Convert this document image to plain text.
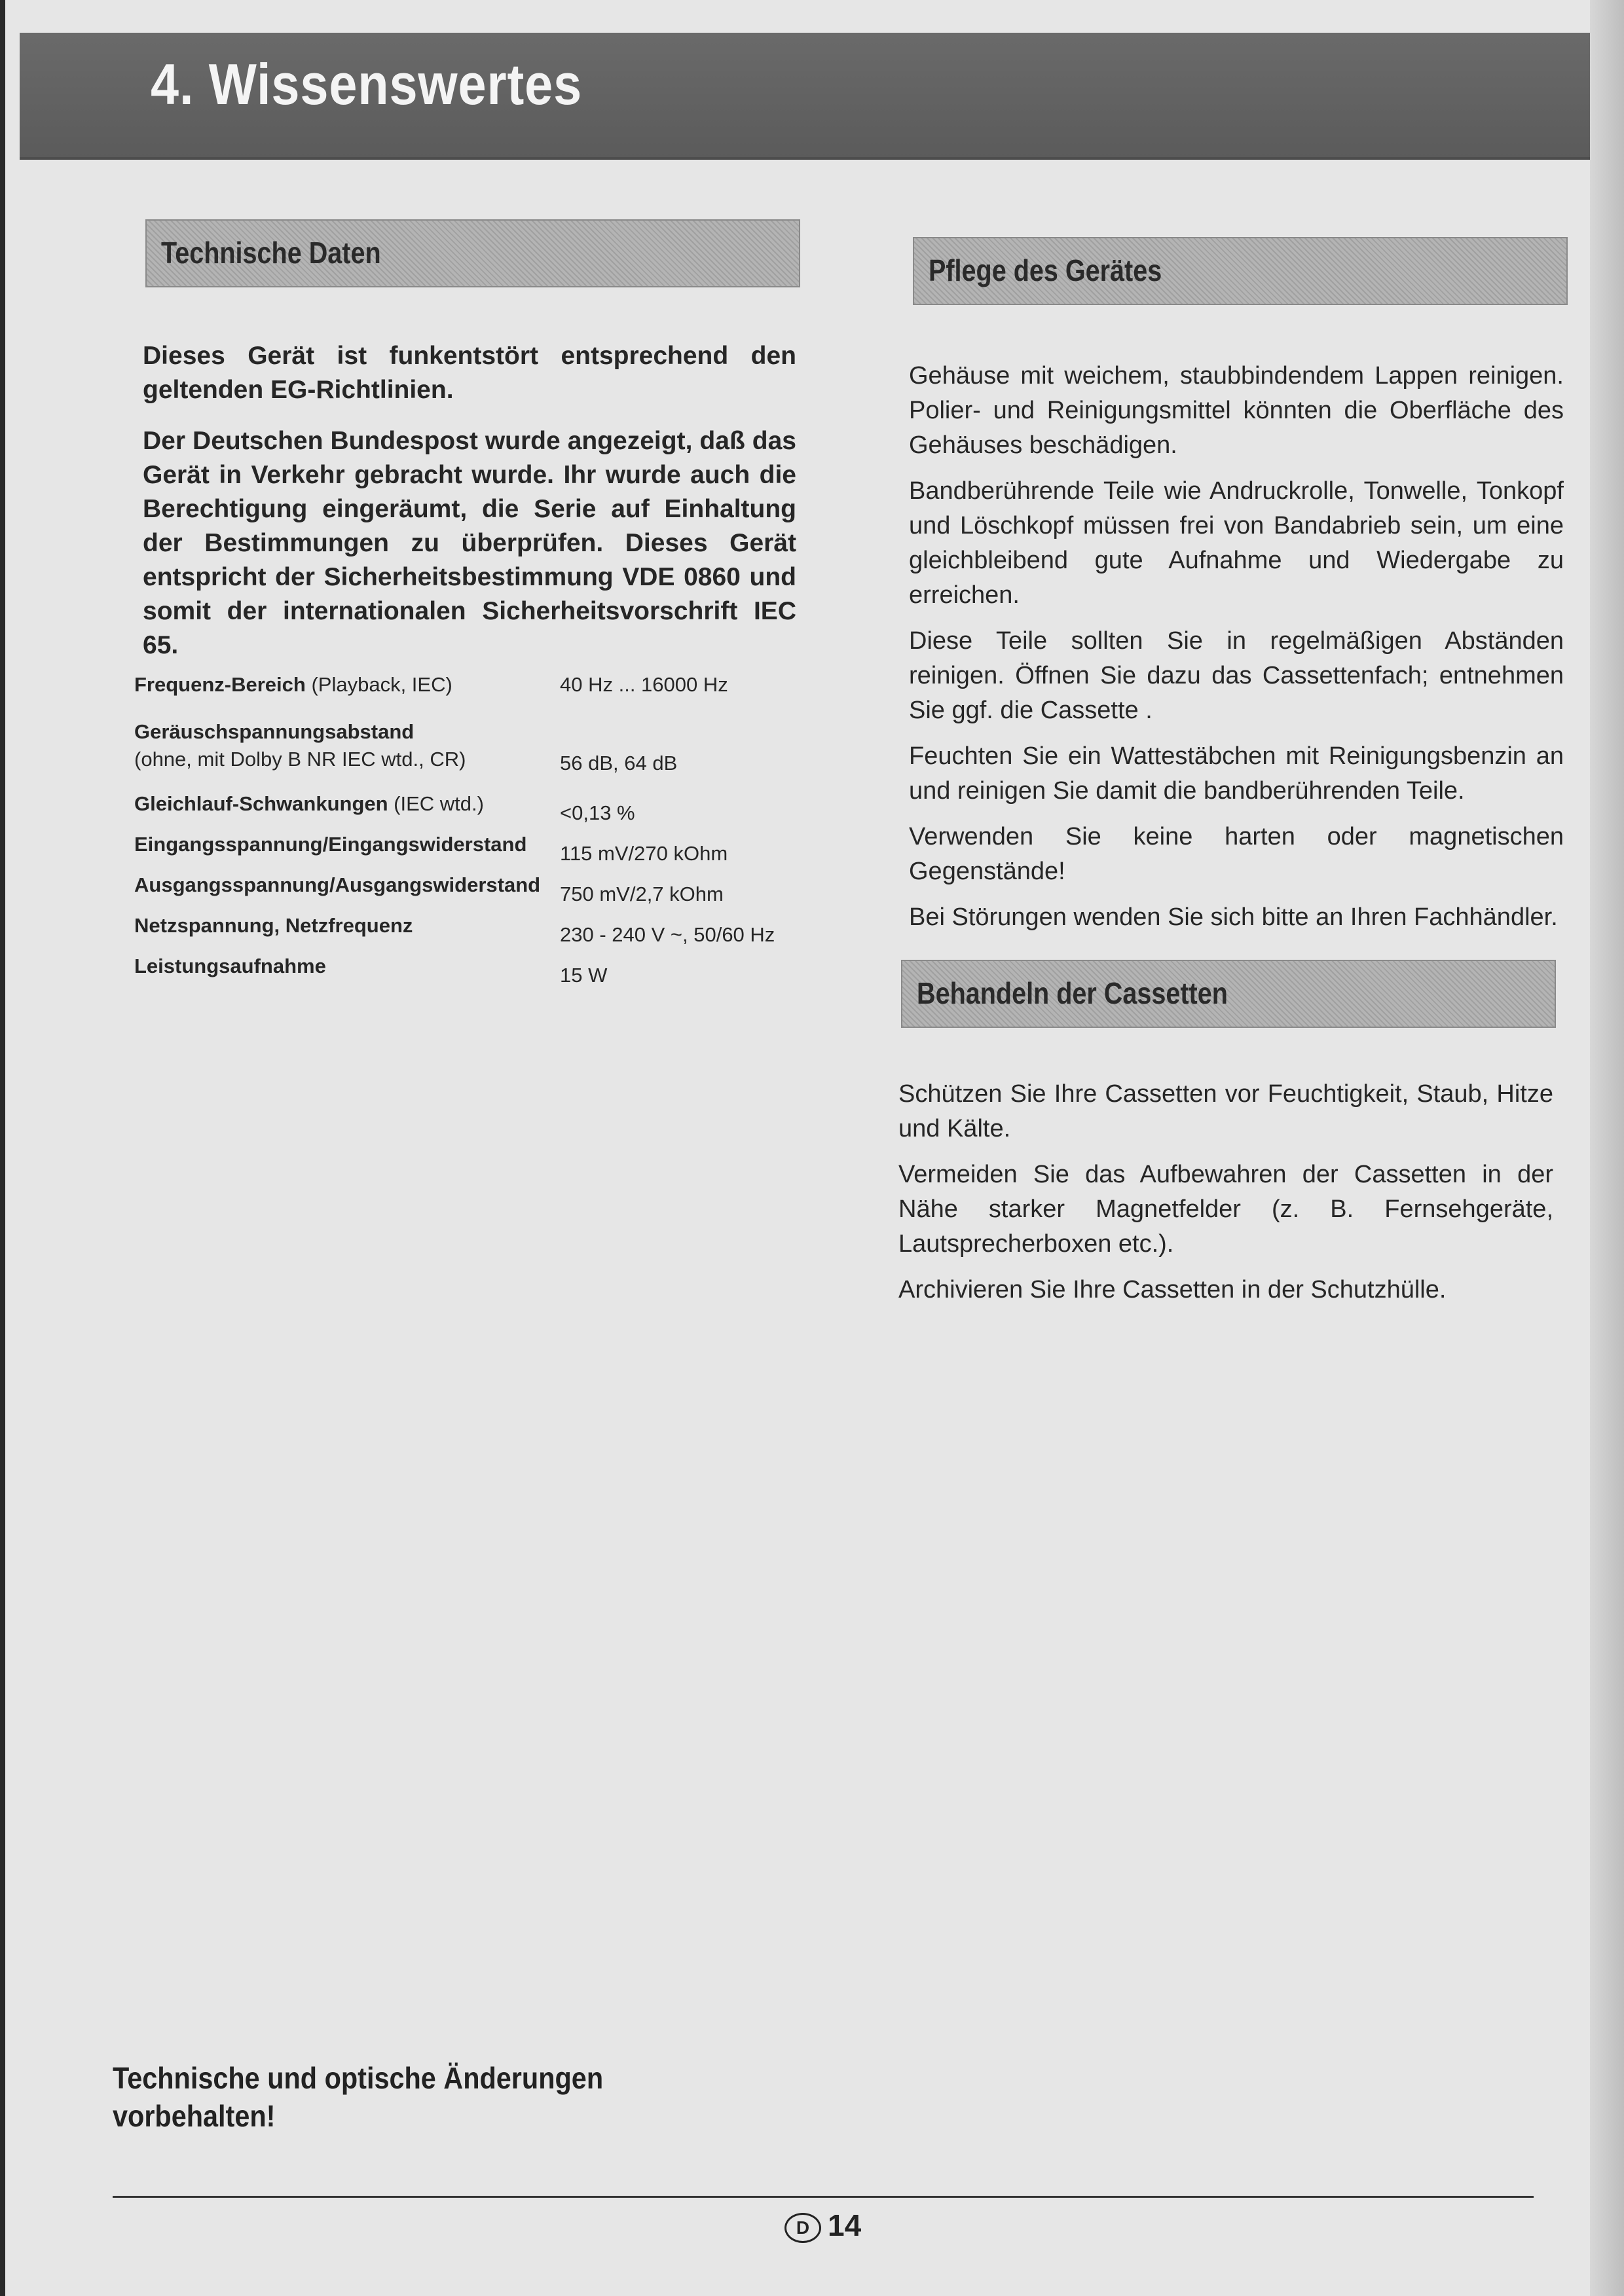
4. Wissenswertes
Technische Daten

Dieses Gerät ist funkentstört entsprechend den geltenden EG-Richtlinien.

Der Deutschen Bundespost wurde angezeigt, daß das Gerät in Verkehr gebracht wurde. Ihr wurde auch die Berechtigung eingeräumt, die Serie auf Einhaltung der Bestimmungen zu überprüfen. Dieses Gerät entspricht der Sicherheitsbestimmung VDE 0860 und somit der internationalen Sicherheitsvorschrift IEC 65.

Frequenz-Bereich (Playback, IEC)	40 Hz ... 16000 Hz
Geräuschspannungsabstand
(ohne, mit Dolby B NR IEC wtd., CR)	56 dB, 64 dB
Gleichlauf-Schwankungen (IEC wtd.)	<0,13 %
Eingangsspannung/Eingangswiderstand	115 mV/270 kOhm
Ausgangsspannung/Ausgangswiderstand 750 mV/2,7 kOhm
Netzspannung, Netzfrequenz	230 - 240 V ~, 50/60 Hz
Leistungsaufnahme	15 W
Pflege des Gerätes

Gehäuse mit weichem, staubbindendem Lappen reinigen. Polier- und Reinigungsmittel könnten die Oberfläche des Gehäuses beschädigen.

Bandberührende Teile wie Andruckrolle, Tonwelle, Tonkopf und Löschkopf müssen frei von Bandabrieb sein, um eine gleichbleibend gute Aufnahme und Wiedergabe zu erreichen.

Diese Teile sollten Sie in regelmäßigen Abständen reinigen. Öffnen Sie dazu das Cassettenfach; entnehmen Sie ggf. die Cassette .

Feuchten Sie ein Wattestäbchen mit Reinigungsbenzin an und reinigen Sie damit die bandberührenden Teile.

Verwenden Sie keine harten oder magnetischen Gegenstände!

Bei Störungen wenden Sie sich bitte an Ihren Fachhändler.

Behandeln der Cassetten

Schützen Sie Ihre Cassetten vor Feuchtigkeit, Staub, Hitze und Kälte.

Vermeiden Sie das Aufbewahren der Cassetten in der Nähe starker Magnetfelder (z. B. Fernsehgeräte, Lautsprecherboxen etc.).

Archivieren Sie Ihre Cassetten in der Schutzhülle.

Technische und optische Änderungen vorbehalten!

D 14
